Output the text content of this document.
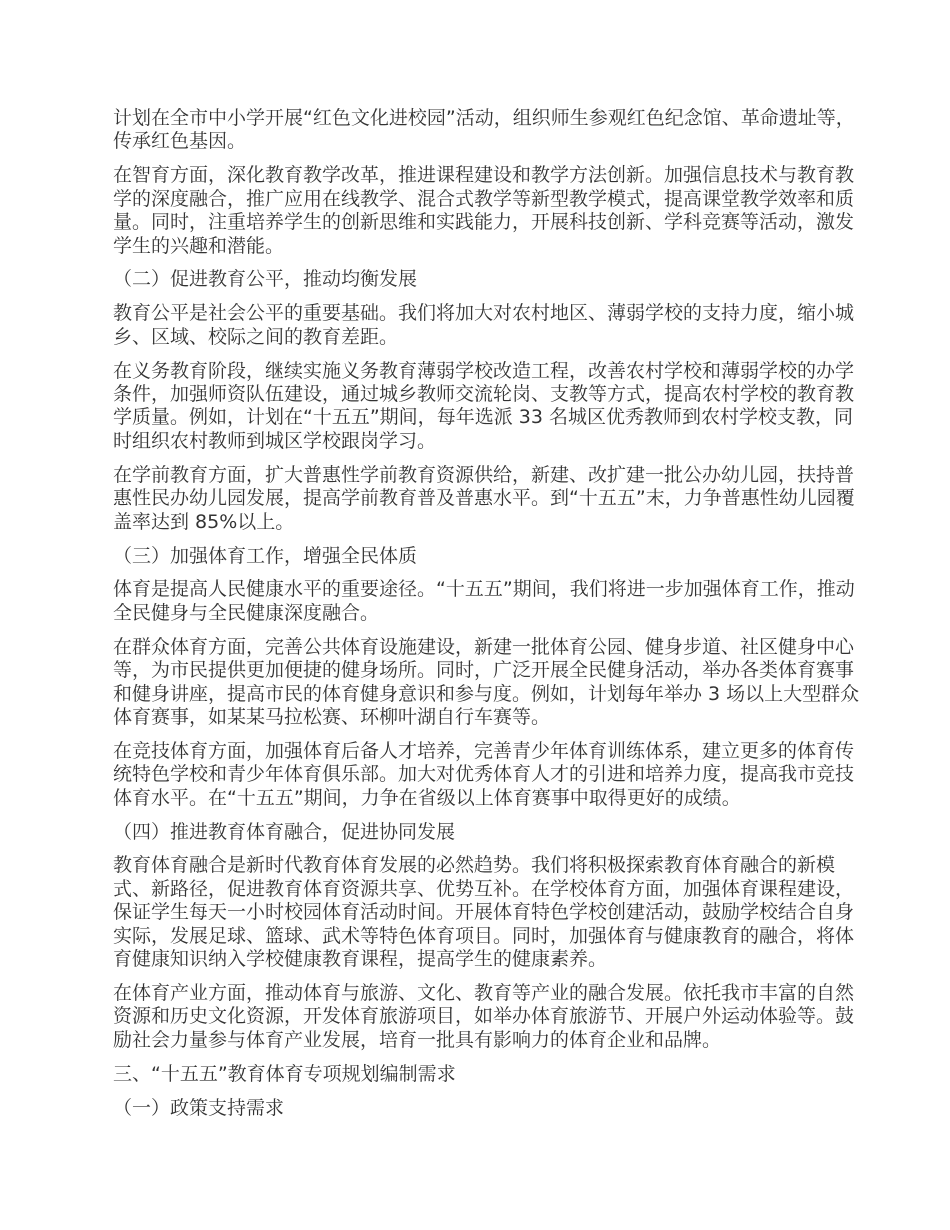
计划在全市中小学开展“红色文化进校园”活动，组织师生参观红色纪念馆、革命遗址等，传承红色基因。

在智育方面，深化教育教学改革，推进课程建设和教学方法创新。加强信息技术与教育教学的深度融合，推广应用在线教学、混合式教学等新型教学模式，提高课堂教学效率和质量。同时，注重培养学生的创新思维和实践能力，开展科技创新、学科竞赛等活动，激发学生的兴趣和潜能。

（二）促进教育公平，推动均衡发展

教育公平是社会公平的重要基础。我们将加大对农村地区、薄弱学校的支持力度，缩小城乡、区域、校际之间的教育差距。

在义务教育阶段，继续实施义务教育薄弱学校改造工程，改善农村学校和薄弱学校的办学条件，加强师资队伍建设，通过城乡教师交流轮岗、支教等方式，提高农村学校的教育教学质量。例如，计划在“十五五”期间，每年选派 33 名城区优秀教师到农村学校支教，同时组织农村教师到城区学校跟岗学习。

在学前教育方面，扩大普惠性学前教育资源供给，新建、改扩建一批公办幼儿园，扶持普惠性民办幼儿园发展，提高学前教育普及普惠水平。到“十五五”末，力争普惠性幼儿园覆盖率达到 85%以上。

（三）加强体育工作，增强全民体质

体育是提高人民健康水平的重要途径。“十五五”期间，我们将进一步加强体育工作，推动全民健身与全民健康深度融合。

在群众体育方面，完善公共体育设施建设，新建一批体育公园、健身步道、社区健身中心等，为市民提供更加便捷的健身场所。同时，广泛开展全民健身活动，举办各类体育赛事和健身讲座，提高市民的体育健身意识和参与度。例如，计划每年举办 3 场以上大型群众体育赛事，如某某马拉松赛、环柳叶湖自行车赛等。

在竞技体育方面，加强体育后备人才培养，完善青少年体育训练体系，建立更多的体育传统特色学校和青少年体育俱乐部。加大对优秀体育人才的引进和培养力度，提高我市竞技体育水平。在“十五五”期间，力争在省级以上体育赛事中取得更好的成绩。

（四）推进教育体育融合，促进协同发展

教育体育融合是新时代教育体育发展的必然趋势。我们将积极探索教育体育融合的新模式、新路径，促进教育体育资源共享、优势互补。在学校体育方面，加强体育课程建设，保证学生每天一小时校园体育活动时间。开展体育特色学校创建活动，鼓励学校结合自身实际，发展足球、篮球、武术等特色体育项目。同时，加强体育与健康教育的融合，将体育健康知识纳入学校健康教育课程，提高学生的健康素养。

在体育产业方面，推动体育与旅游、文化、教育等产业的融合发展。依托我市丰富的自然资源和历史文化资源，开发体育旅游项目，如举办体育旅游节、开展户外运动体验等。鼓励社会力量参与体育产业发展，培育一批具有影响力的体育企业和品牌。

三、“十五五”教育体育专项规划编制需求

（一）政策支持需求
